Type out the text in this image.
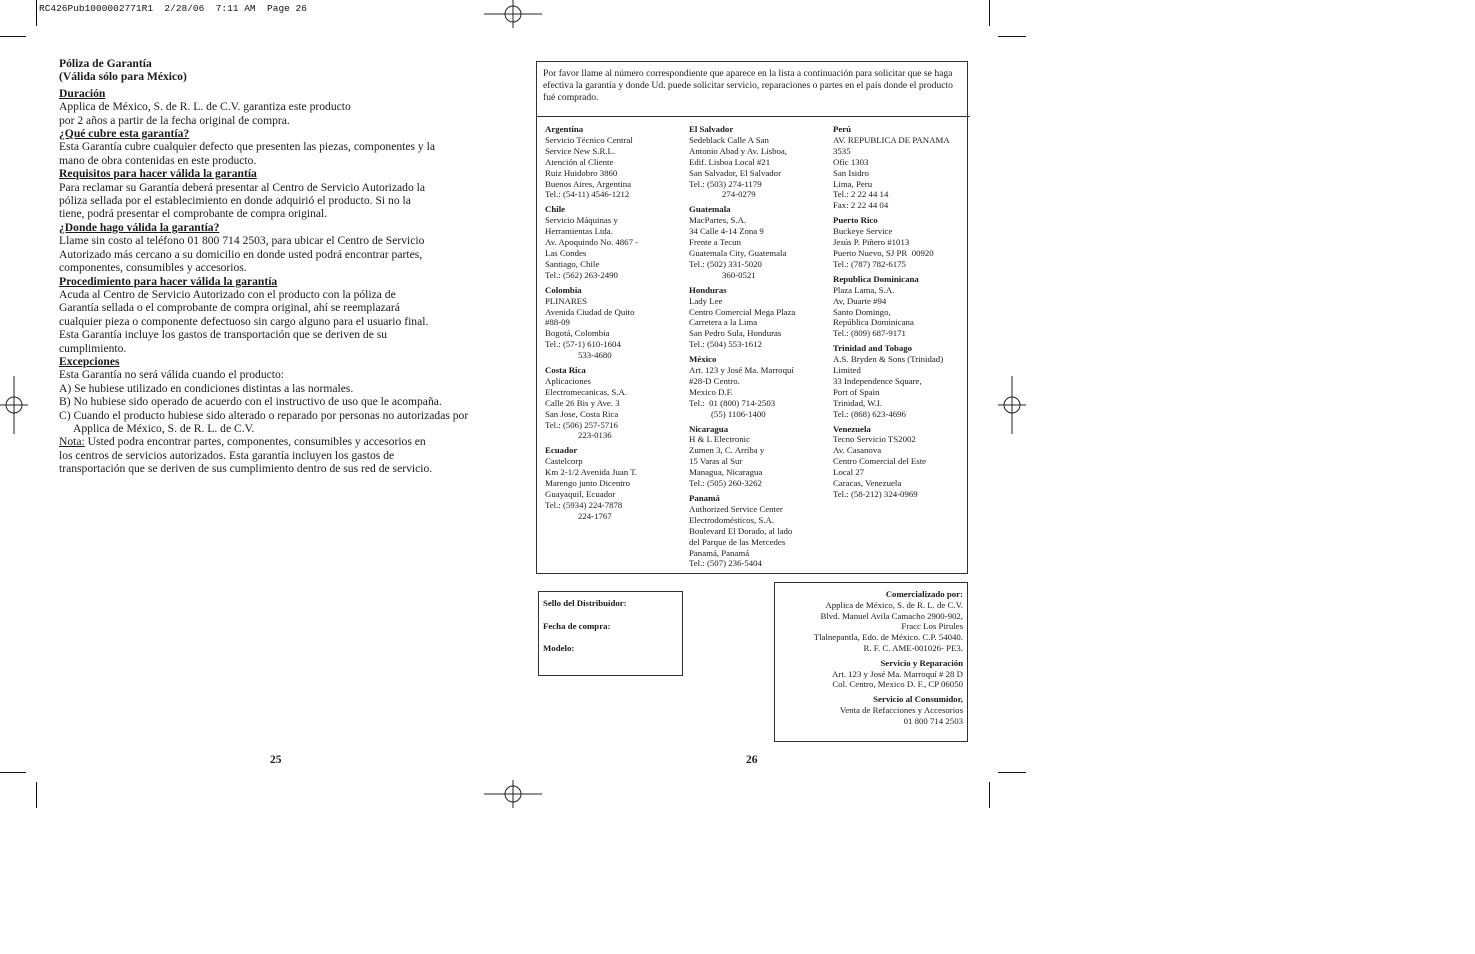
RC426Pub1000002771R1  2/28/06  7:11 AM  Page 26
Póliza de Garantía
(Válida sólo para México)
Duración
Applica de México, S. de R. L. de C.V. garantiza este producto
por 2 años a partir de la fecha original de compra.
¿Qué cubre esta garantía?
Esta Garantía cubre cualquier defecto que presenten las piezas, componentes y la
mano de obra contenidas en este producto.
Requisitos para hacer válida la garantía
Para reclamar su Garantía deberá presentar al Centro de Servicio Autorizado la
póliza sellada por el establecimiento en donde adquirió el producto. Si no la
tiene, podrá presentar el comprobante de compra original.
¿Donde hago válida la garantía?
Llame sin costo al teléfono 01 800 714 2503, para ubicar el Centro de Servicio
Autorizado más cercano a su domicilio en donde usted podrá encontrar partes,
componentes, consumibles y accesorios.
Procedimiento para hacer válida la garantía
Acuda al Centro de Servicio Autorizado con el producto con la póliza de
Garantía sellada o el comprobante de compra original, ahí se reemplazará
cualquier pieza o componente defectuoso sin cargo alguno para el usuario final.
Esta Garantía incluye los gastos de transportación que se deriven de su
cumplimiento.
Excepciones
Esta Garantía no será válida cuando el producto:
A) Se hubiese utilizado en condiciones distintas a las normales.
B) No hubiese sido operado de acuerdo con el instructivo de uso que le acompaña.
C) Cuando el producto hubiese sido alterado o reparado por personas no autorizadas por Applica de México, S. de R. L. de C.V.
Nota: Usted podra encontrar partes, componentes, consumibles y accesorios en
los centros de servicios autorizados. Esta garantía incluyen los gastos de
transportación que se deriven de sus cumplimiento dentro de sus red de servicio.
25
Por favor llame al número correspondiente que aparece en la lista a continuación para solicitar que se haga efectiva la garantía y donde Ud. puede solicitar servicio, reparaciones o partes en el país donde el producto fué comprado.
Argentina
Servicio Técnico Central
Service New S.R.L.
Atención al Cliente
Ruiz Huidobro 3860
Buenos Aires, Argentina
Tel.: (54-11) 4546-1212
Chile
Servicio Máquinas y
Herramientas Ltda.
Av. Apoquindo No. 4867 -
Las Condes
Santiago, Chile
Tel.: (562) 263-2490
Colombia
PLINARES
Avenida Ciudad de Quito
#88-09
Bogotá, Colombia
Tel.: (57-1) 610-1604
533-4680
Costa Rica
Aplicaciones
Electromecanicas, S.A.
Calle 26 Bis y Ave. 3
San Jose, Costa Rica
Tel.: (506) 257-5716
223-0136
Ecuador
Castelcorp
Km 2-1/2 Avenida Juan T.
Marengo junto Dicentro
Guayaquil, Ecuador
Tel.: (5934) 224-7878
224-1767
El Salvador
Sedeblack Calle A San
Antonio Abad y Av. Lisboa,
Edif. Lisboa Local #21
San Salvador, El Salvador
Tel.: (503) 274-1179
274-0279
Guatemala
MacPartes, S.A.
34 Calle 4-14 Zona 9
Frente a Tecun
Guatemala City, Guatemala
Tel.: (502) 331-5020
360-0521
Honduras
Lady Lee
Centro Comercial Mega Plaza
Carretera a la Lima
San Pedro Sula, Honduras
Tel.: (504) 553-1612
México
Art. 123 y José Ma. Marroquí
#28-D Centro.
Mexico D.F.
Tel.:  01 (800) 714-2503
(55) 1106-1400
Nicaragua
H & L Electronic
Zumen 3, C. Arriba y
15 Varas al Sur
Managua, Nicaragua
Tel.: (505) 260-3262
Panamá
Authorized Service Center
Electrodomésticos, S.A.
Boulevard El Dorado, al lado
del Parque de las Mercedes
Panamá, Panamá
Tel.: (507) 236-5404
Perú
AV. REPUBLICA DE PANAMA
3535
Ofic 1303
San Isidro
Lima, Peru
Tel.: 2 22 44 14
Fax: 2 22 44 04
Puerto Rico
Buckeye Service
Jesús P. Piñero #1013
Puerto Nuevo, SJ PR  00920
Tel.: (787) 782-6175
Republica Dominicana
Plaza Lama, S.A.
Av, Duarte #94
Santo Domingo,
República Dominicana
Tel.: (809) 687-9171
Trinidad and Tobago
A.S. Bryden & Sons (Trinidad)
Limited
33 Independence Square,
Port of Spain
Trinidad, W.I.
Tel.: (868) 623-4696
Venezuela
Tecno Servicio TS2002
Av. Casanova
Centro Comercial del Este
Local 27
Caracas, Venezuela
Tel.: (58-212) 324-0969
Sello del Distribuidor:
Fecha de compra:
Modelo:
Comercializado por:
Applica de México, S. de R. L. de C.V.
Blvd. Manuel Avila Camacho 2900-902,
Fracc Los Pirules
Tlalnepantla, Edo. de México. C.P. 54040.
R. F. C. AME-001026- PE3.
Servicio y Reparación
Art. 123 y José Ma. Marroquí # 28 D
Col. Centro, Mexico D. F., CP 06050
Servicio al Consumidor,
Venta de Refacciones y Accesorios
01 800 714 2503
26
